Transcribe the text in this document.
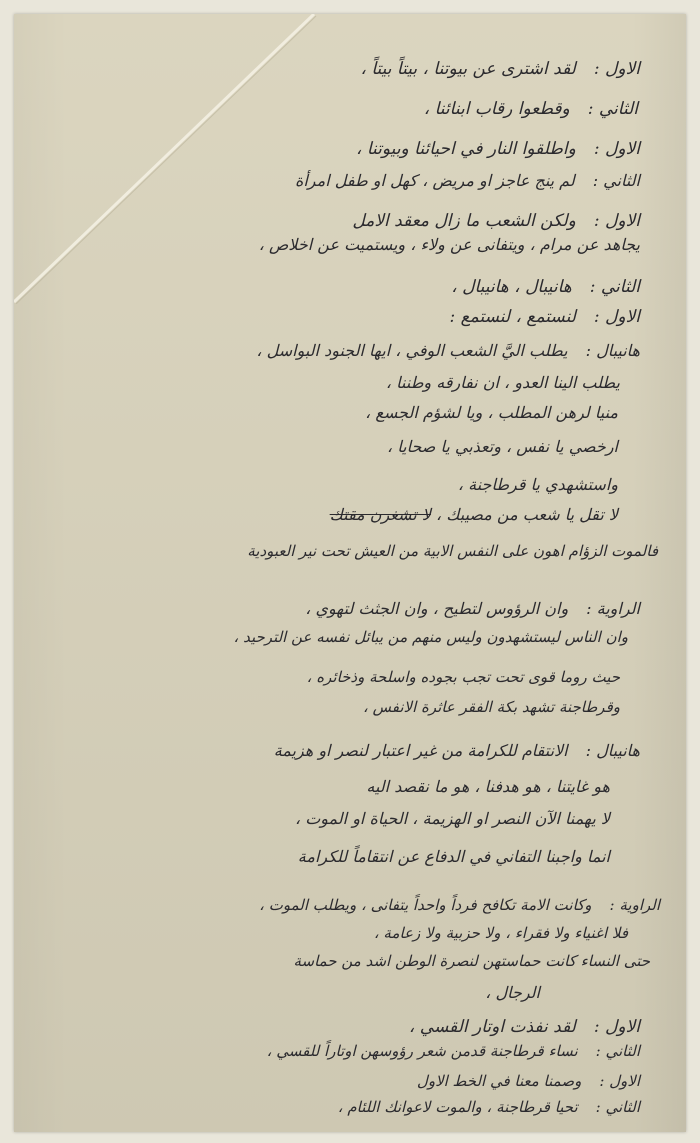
الاول :لقد اشترى عن بيوتنا ، بيتاً بيتاً ،
الثاني :وقطعوا رقاب ابنائنا ،
الاول :واطلقوا النار في احيائنا وبيوتنا ،
الثاني :لم ينج عاجز او مريض ، كهل او طفل امرأة
الاول :ولكن الشعب ما زال معقد الامل
يجاهد عن مرام ، ويتفانى عن ولاء ، ويستميت عن اخلاص ،
الثاني :هانيبال ، هانيبال ،
الاول :لنستمع ، لنستمع :
هانيبال :يطلب اليَّ الشعب الوفي ، ايها الجنود البواسل ،
يطلب الينا العدو ، ان نفارقه وطننا ،
منيا لرهن المطلب ، ويا لشؤم الجسع ،
ارخصي يا نفس ، وتعذبي يا صحايا ،
واستشهدي يا قرطاجنة ،
لا تقل يا شعب من مصيبك ، لا تشغرن مقتك
فالموت الزؤام اهون على النفس الابية من العيش تحت نير العبودية
الراوية :وان الرؤوس لتطيح ، وان الجثث لتهوي ،
وان الناس ليستشهدون وليس منهم من يبائل نفسه عن الترحيد ،
حيث روما قوى تحت تجب بجوده واسلحة وذخائره ،
وقرطاجنة تشهد بكة الفقر عاثرة الانفس ،
هانيبال :الانتقام للكرامة من غير اعتبار لنصر او هزيمة
هو غايتنا ، هو هدفنا ، هو ما نقصد اليه
لا يهمنا الآن النصر او الهزيمة ، الحياة او الموت ،
انما واجبنا التفاني في الدفاع عن انتقاماً للكرامة
الراوية :وكانت الامة تكافح فرداً واحداً يتفانى ، ويطلب الموت ،
فلا اغنياء ولا فقراء ، ولا حزبية ولا زعامة ،
حتى النساء كانت حماستهن لنصرة الوطن اشد من حماسة
الرجال ،
الاول :لقد نفذت اوتار القسي ،
الثاني :نساء قرطاجنة قدمن شعر رؤوسهن اوتاراً للقسي ،
الاول :وصمنا معنا في الخط الاول
الثاني :تحيا قرطاجنة ، والموت لاعوانك اللئام ،
